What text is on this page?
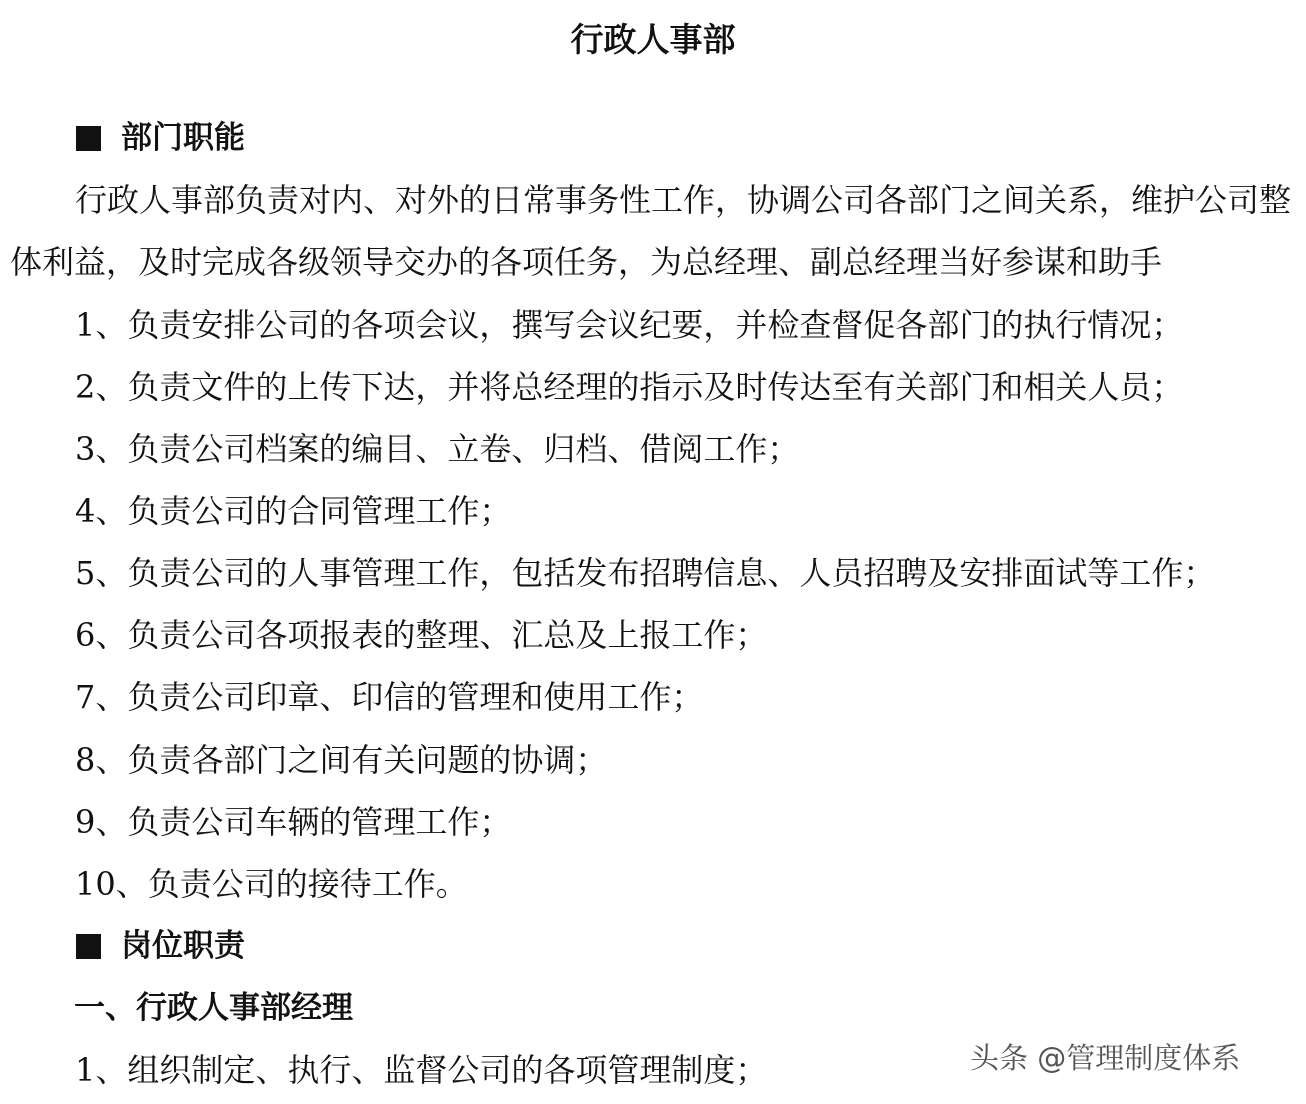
行政人事部
部门职能
行政人事部负责对内、对外的日常事务性工作，协调公司各部门之间关系，维护公司整
体利益，及时完成各级领导交办的各项任务，为总经理、副总经理当好参谋和助手
1、负责安排公司的各项会议，撰写会议纪要，并检查督促各部门的执行情况；
2、负责文件的上传下达，并将总经理的指示及时传达至有关部门和相关人员；
3、负责公司档案的编目、立卷、归档、借阅工作；
4、负责公司的合同管理工作；
5、负责公司的人事管理工作，包括发布招聘信息、人员招聘及安排面试等工作；
6、负责公司各项报表的整理、汇总及上报工作；
7、负责公司印章、印信的管理和使用工作；
8、负责各部门之间有关问题的协调；
9、负责公司车辆的管理工作；
10、负责公司的接待工作。
岗位职责
一、行政人事部经理
1、组织制定、执行、监督公司的各项管理制度；	头条 @管理制度体系
